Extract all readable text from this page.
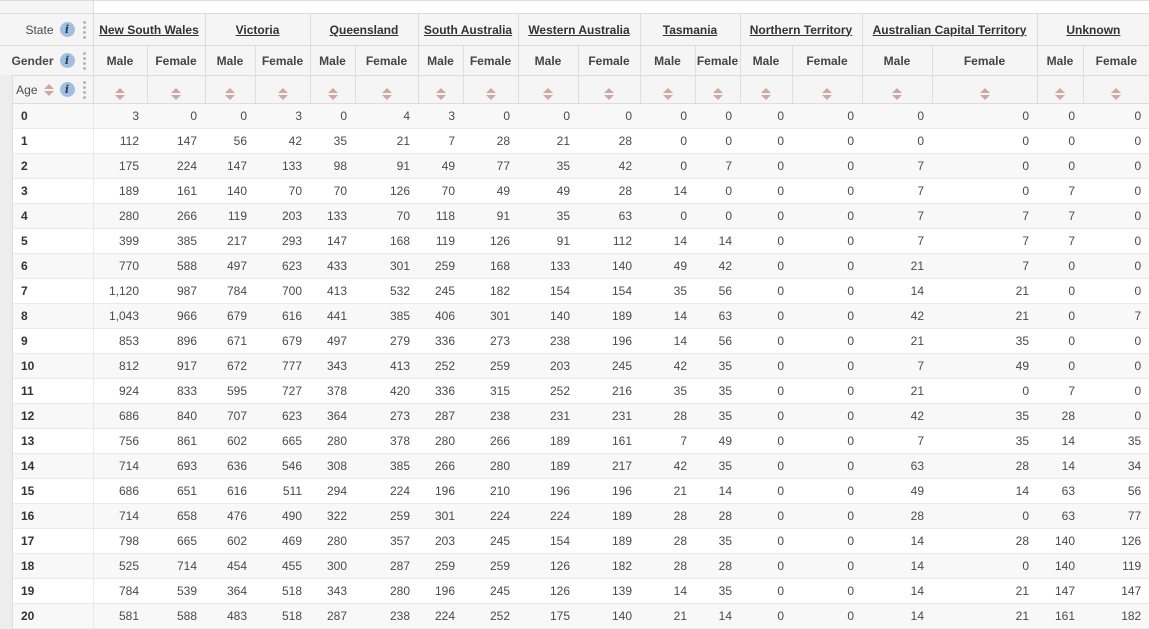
State i	New South Wales		Victoria		Queensland		South Australia		Western Australia		Tasmania		Northern Territory		Australian Capital Territory		Unknown	

Gender i	Male	Female	Male	Female	Male	Female	Male	Female	Male	Female	Male	Female	Male	Female	Male	Female	Male	Female

Age i																		

0	3	0	0	3	0	4	3	0	0	0	0	0	0	0	0	0	0	0
1	112	147	56	42	35	21	7	28	21	28	0	0	0	0	0	0	0	0
2	175	224	147	133	98	91	49	77	35	42	0	7	0	0	7	0	0	0
3	189	161	140	70	70	126	70	49	49	28	14	0	0	0	7	0	7	0
4	280	266	119	203	133	70	118	91	35	63	0	0	0	0	7	7	7	0
5	399	385	217	293	147	168	119	126	91	112	14	14	0	0	7	7	7	0
6	770	588	497	623	433	301	259	168	133	140	49	42	0	0	21	7	0	0
7	1,120	987	784	700	413	532	245	182	154	154	35	56	0	0	14	21	0	0
8	1,043	966	679	616	441	385	406	301	140	189	14	63	0	0	42	21	0	7
9	853	896	671	679	497	279	336	273	238	196	14	56	0	0	21	35	0	0
10	812	917	672	777	343	413	252	259	203	245	42	35	0	0	7	49	0	0
11	924	833	595	727	378	420	336	315	252	216	35	35	0	0	21	0	7	0
12	686	840	707	623	364	273	287	238	231	231	28	35	0	0	42	35	28	0
13	756	861	602	665	280	378	280	266	189	161	7	49	0	0	7	35	14	35
14	714	693	636	546	308	385	266	280	189	217	42	35	0	0	63	28	14	34
15	686	651	616	511	294	224	196	210	196	196	21	14	0	0	49	14	63	56
16	714	658	476	490	322	259	301	224	224	189	28	28	0	0	28	0	63	77
17	798	665	602	469	280	357	203	245	154	189	28	35	0	0	14	28	140	126
18	525	714	454	455	300	287	259	259	126	182	28	28	0	0	14	0	140	119
19	784	539	364	518	343	280	196	245	126	139	14	35	0	0	14	21	147	147
20	581	588	483	518	287	238	224	252	175	140	21	14	0	0	14	21	161	182
